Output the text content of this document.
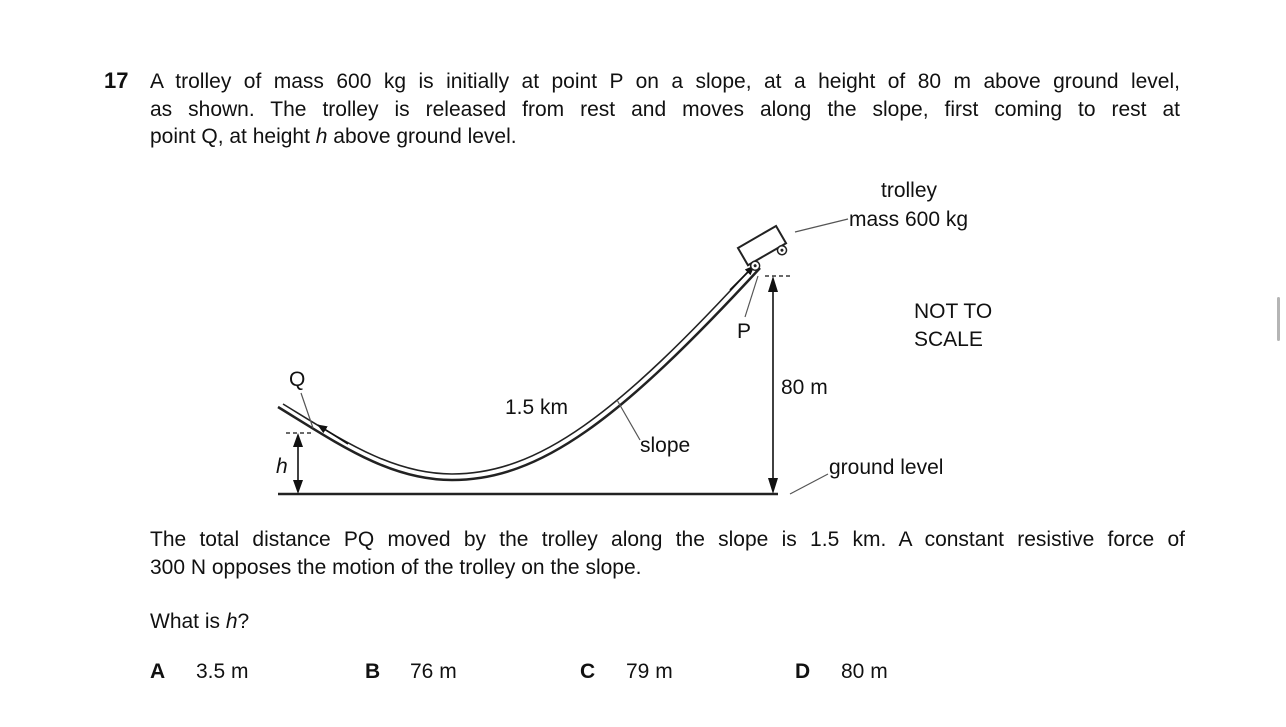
17 A trolley of mass 600 kg is initially at point P on a slope, at a height of 80 m above ground level,
as shown. The trolley is released from rest and moves along the slope, first coming to rest at
point Q, at height h above ground level.
trolley
mass 600 kg
NOT TO
SCALE
P
Q	80 m
h
1.5 km
slope
ground level
The total distance PQ moved by the trolley along the slope is 1.5 km. A constant resistive force of
300 N opposes the motion of the trolley on the slope.
What is h?
A 3.5 m	B 76 m	C 79 m	D 80 m
